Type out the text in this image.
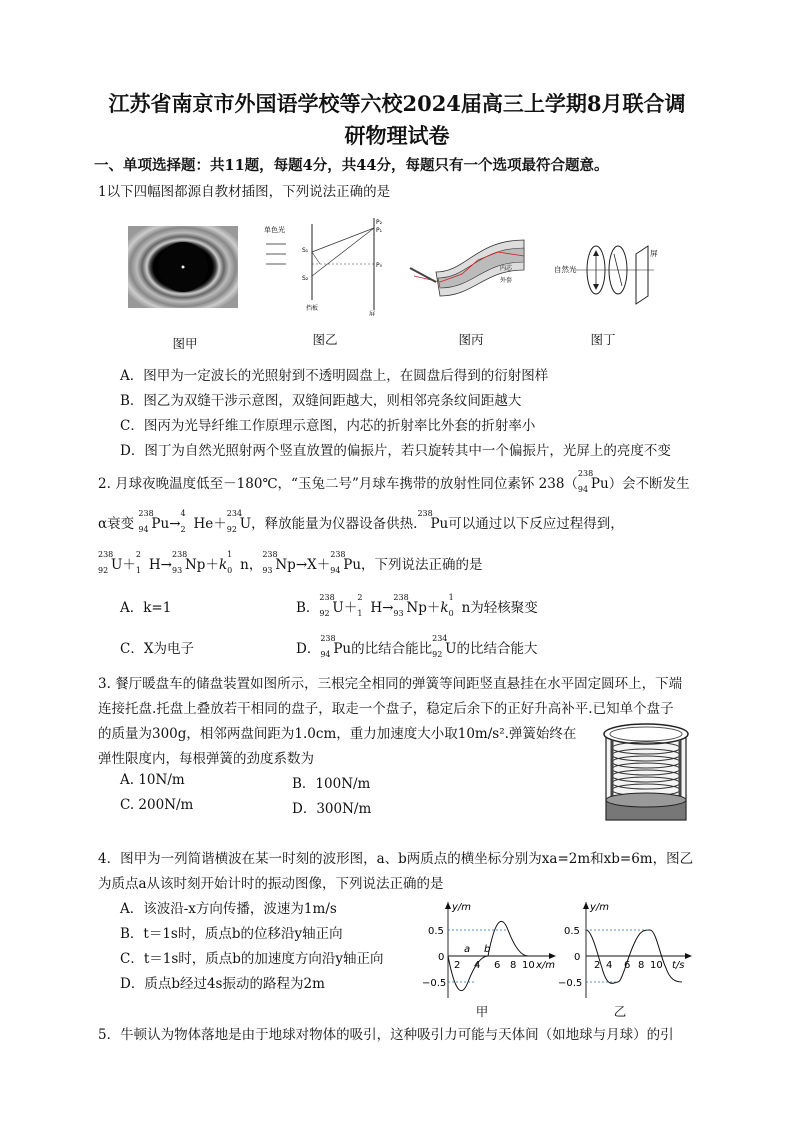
江苏省南京市外国语学校等六校2024届高三上学期8月联合调
研物理试卷
一、单项选择题：共11题，每题4分，共44分，每题只有一个选项最符合题意。
1以下四幅图都源自教材插图，下列说法正确的是
图甲
单色光
S₁
S₂
P₂
P₁
P₀
挡板
屏
图乙
内芯
外套
图丙
自然光
屏
图丁
A．图甲为一定波长的光照射到不透明圆盘上，在圆盘后得到的衍射图样
B．图乙为双缝干涉示意图，双缝间距越大，则相邻亮条纹间距越大
C．图丙为光导纤维工作原理示意图，内芯的折射率比外套的折射率小
D．图丁为自然光照射两个竖直放置的偏振片，若只旋转其中一个偏振片，光屏上的亮度不变
2. 月球夜晚温度低至－180℃，“玉兔二号”月球车携带的放射性同位素钚 238（
238
94 Pu）会不断发生
α衰变
238
94 Pu→
4
2 He＋
234
92 U，释放能量为仪器设备供热.
238
Pu可以通过以下反应过程得到，
238
92 U＋
2
1 H→
238
93 Np＋k
1
0 n，
238
93 Np→X＋
238
94 Pu，下列说法正确的是
A．k=1	B．
238
92 U＋
2
1 H→
238
93 Np＋k
1
0 n为轻核聚变
C．X为电子	D．
238
94 Pu的比结合能比
234
92 U的比结合能大
3. 餐厅暖盘车的储盘装置如图所示，三根完全相同的弹簧等间距竖直悬挂在水平固定圆环上，下端
连接托盘.托盘上叠放若干相同的盘子，取走一个盘子，稳定后余下的正好升高补平.已知单个盘子
的质量为300g，相邻两盘间距为1.0cm，重力加速度大小取10m/s².弹簧始终在
弹性限度内，每根弹簧的劲度系数为
A. 10N/m	B．100N/m
C. 200N/m	D．300N/m
4．图甲为一列简谐横波在某一时刻的波形图，a、b两质点的横坐标分别为xa=2m和xb=6m，图乙
为质点a从该时刻开始计时的振动图像，下列说法正确的是
A．该波沿-x方向传播，波速为1m/s
B．t＝1s时，质点b的位移沿y轴正向
C．t＝1s时，质点b的加速度方向沿y轴正向
D．质点b经过4s振动的路程为2m
y/m
0.5
0
−0.5
2 4 6 8 10 x/m
a b
甲
y/m
0.5
0
−0.5
2 4 6 8 10 t/s
乙
5．牛顿认为物体落地是由于地球对物体的吸引，这种吸引力可能与天体间（如地球与月球）的引
